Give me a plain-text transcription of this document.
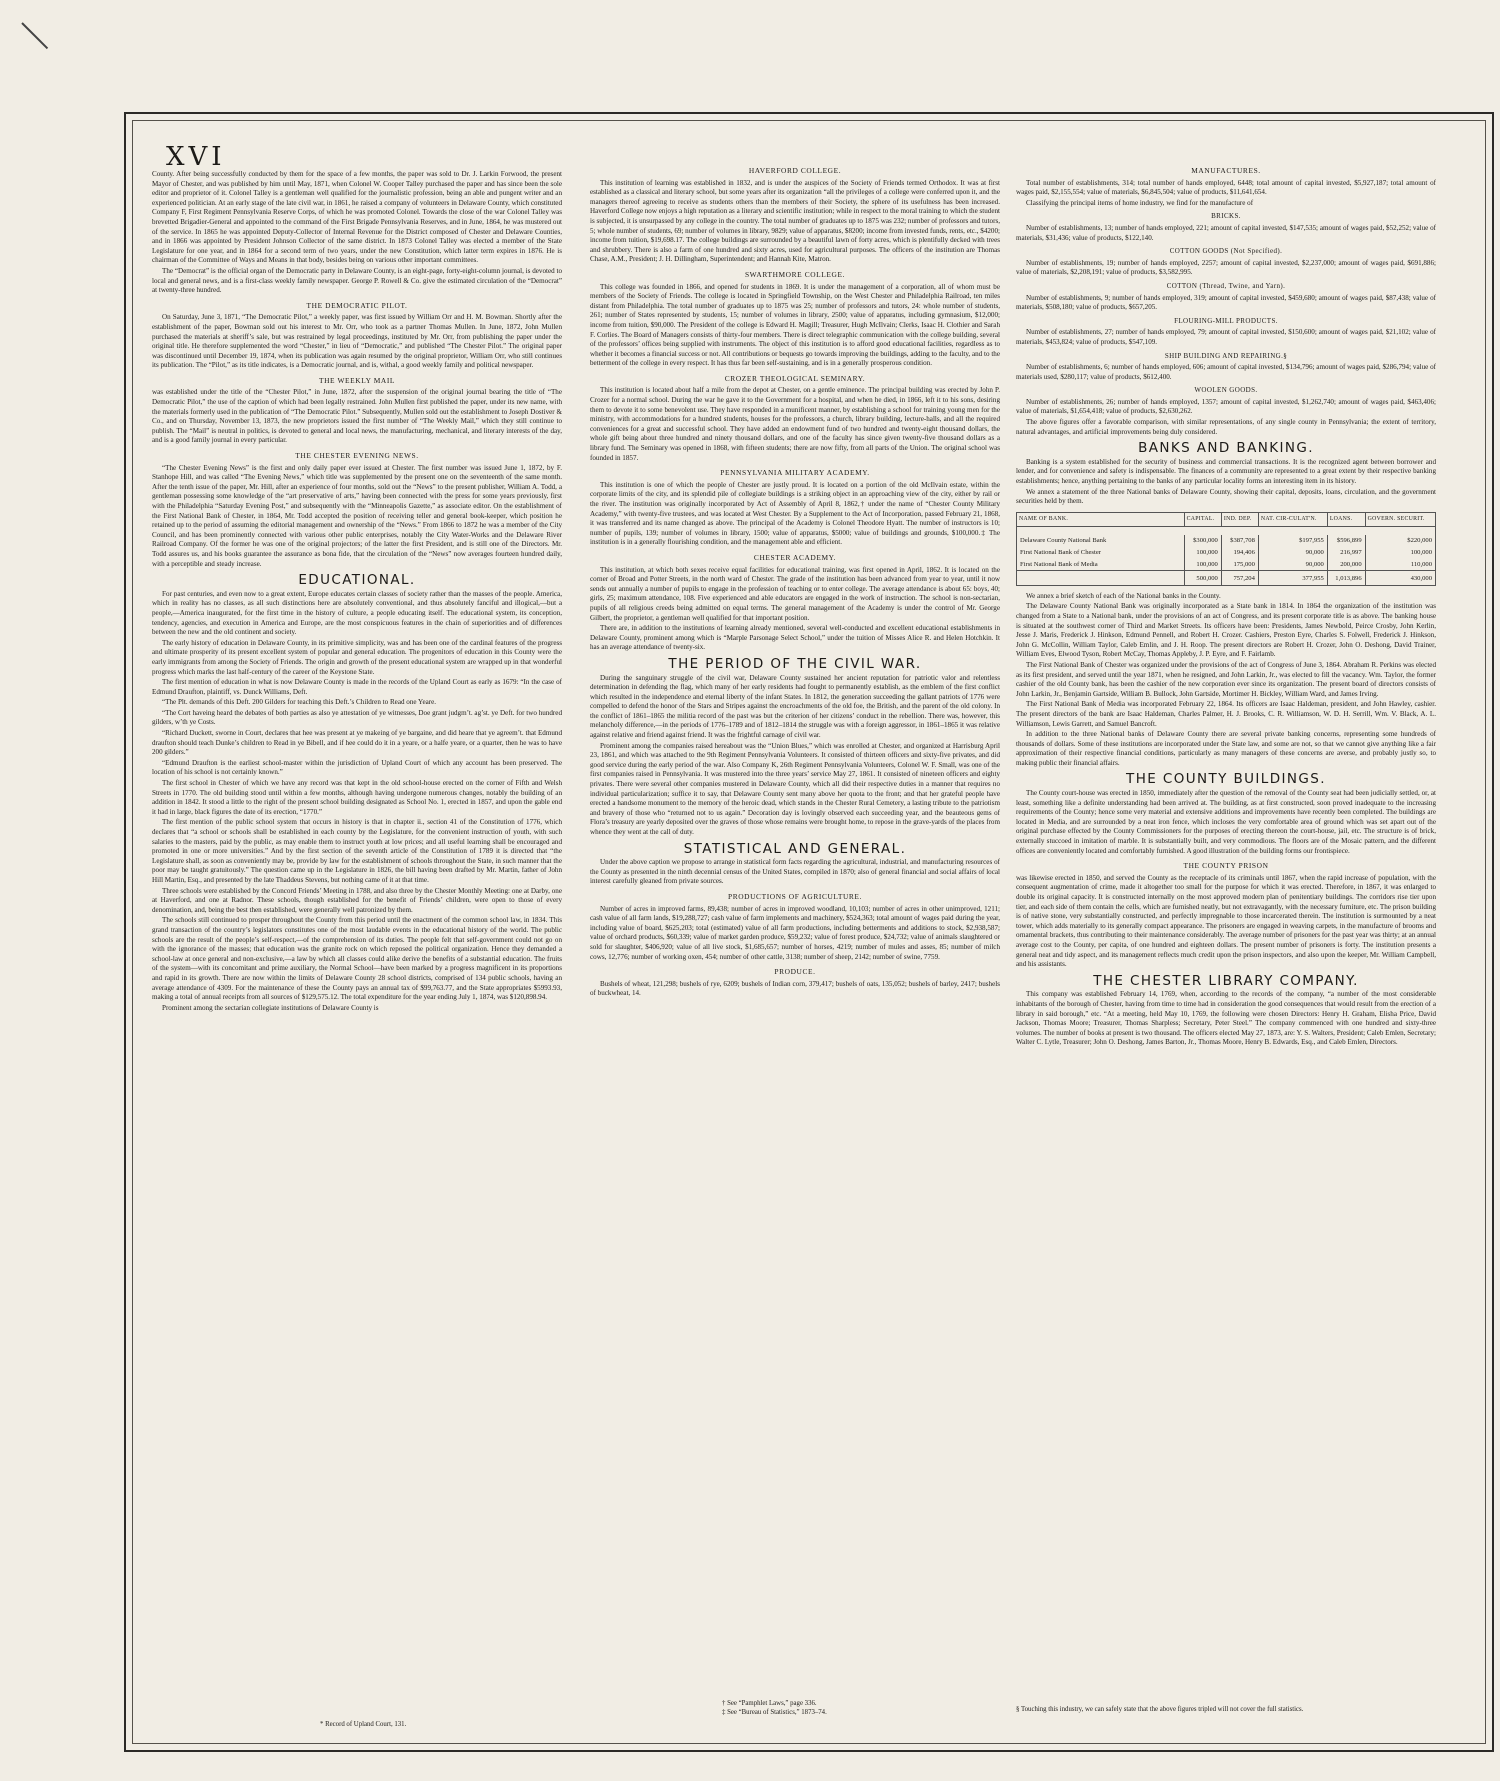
XVI

County. After being successfully conducted by them for the space of a few months, the paper was sold to Dr. J. Larkin Forwood, the present Mayor of Chester, and was published by him until May, 1871, when Colonel W. Cooper Talley purchased the paper and has since been the sole editor and proprietor of it. Colonel Talley is a gentleman well qualified for the journalistic profession, being an able and pungent writer and an experienced politician. At an early stage of the late civil war, in 1861, he raised a company of volunteers in Delaware County, which constituted Company F, First Regiment Pennsylvania Reserve Corps, of which he was promoted Colonel. Towards the close of the war Colonel Talley was brevetted Brigadier-General and appointed to the command of the First Brigade Pennsylvania Reserves, and in June, 1864, he was mustered out of the service. In 1865 he was appointed Deputy-Collector of Internal Revenue for the District composed of Chester and Delaware Counties, and in 1866 was appointed by President Johnson Collector of the same district. In 1873 Colonel Talley was elected a member of the State Legislature for one year, and in 1864 for a second term of two years, under the new Constitution, which latter term expires in 1876. He is chairman of the Committee of Ways and Means in that body, besides being on various other important committees.

The “Democrat” is the official organ of the Democratic party in Delaware County, is an eight-page, forty-eight-column journal, is devoted to local and general news, and is a first-class weekly family newspaper. George P. Rowell & Co. give the estimated circulation of the “Democrat” at twenty-three hundred.

THE DEMOCRATIC PILOT.

On Saturday, June 3, 1871, “The Democratic Pilot,” a weekly paper, was first issued by William Orr and H. M. Bowman. Shortly after the establishment of the paper, Bowman sold out his interest to Mr. Orr, who took as a partner Thomas Mullen. In June, 1872, John Mullen purchased the materials at sheriff’s sale, but was restrained by legal proceedings, instituted by Mr. Orr, from publishing the paper under the original title. He therefore supplemented the word “Chester,” in lieu of “Democratic,” and published “The Chester Pilot.” The original paper was discontinued until December 19, 1874, when its publication was again resumed by the original proprietor, William Orr, who still continues its publication. The “Pilot,” as its title indicates, is a Democratic journal, and is, withal, a good weekly family and political newspaper.

THE WEEKLY MAIL

was established under the title of the “Chester Pilot,” in June, 1872, after the suspension of the original journal bearing the title of “The Democratic Pilot,” the use of the caption of which had been legally restrained. John Mullen first published the paper, under its new name, with the materials formerly used in the publication of “The Democratic Pilot.” Subsequently, Mullen sold out the establishment to Joseph Dostiver & Co., and on Thursday, November 13, 1873, the new proprietors issued the first number of “The Weekly Mail,” which they still continue to publish. The “Mail” is neutral in politics, is devoted to general and local news, the manufacturing, mechanical, and literary interests of the day, and is a good family journal in every particular.

THE CHESTER EVENING NEWS.

“The Chester Evening News” is the first and only daily paper ever issued at Chester. The first number was issued June 1, 1872, by F. Stanhope Hill, and was called “The Evening News,” which title was supplemented by the present one on the seventeenth of the same month. After the tenth issue of the paper, Mr. Hill, after an experience of four months, sold out the “News” to the present publisher, William A. Todd, a gentleman possessing some knowledge of the “art preservative of arts,” having been connected with the press for some years previously, first with the Philadelphia “Saturday Evening Post,” and subsequently with the “Minneapolis Gazette,” as associate editor. On the establishment of the First National Bank of Chester, in 1864, Mr. Todd accepted the position of receiving teller and general book-keeper, which position he retained up to the period of assuming the editorial management and ownership of the “News.” From 1866 to 1872 he was a member of the City Council, and has been prominently connected with various other public enterprises, notably the City Water-Works and the Delaware River Railroad Company. Of the former he was one of the original projectors; of the latter the first President, and is still one of the Directors. Mr. Todd assures us, and his books guarantee the assurance as bona fide, that the circulation of the “News” now averages fourteen hundred daily, with a perceptible and steady increase.

EDUCATIONAL.

For past centuries, and even now to a great extent, Europe educates certain classes of society rather than the masses of the people. America, which in reality has no classes, as all such distinctions here are absolutely conventional, and thus absolutely fanciful and illogical,—but a people,—America inaugurated, for the first time in the history of culture, a people educating itself. The educational system, its conception, tendency, agencies, and execution in America and Europe, are the most conspicuous features in the chain of superiorities and of differences between the new and the old continent and society.

The early history of education in Delaware County, in its primitive simplicity, was and has been one of the cardinal features of the progress and ultimate prosperity of its present excellent system of popular and general education. The progenitors of education in this County were the early immigrants from among the Society of Friends. The origin and growth of the present educational system are wrapped up in that wonderful progress which marks the last half-century of the career of the Keystone State.

The first mention of education in what is now Delaware County is made in the records of the Upland Court as early as 1679: “In the case of Edmund Draufton, plaintiff, vs. Dunck Williams, Deft.

“The Plt. demands of this Deft. 200 Gilders for teaching this Deft.’s Children to Read one Yeare.

“The Cort haveing heard the debates of both parties as also ye attestation of ye witnesses, Doe grant judgm’t. ag’st. ye Deft. for two hundred gilders, w’th ye Costs.

“Richard Duckett, sworne in Court, declares that hee was present at ye makeing of ye bargaine, and did heare that ye agreem’t. that Edmund draufton should teach Dunke’s children to Read in ye Bibell, and if hee could do it in a yeare, or a halfe yeare, or a quarter, then he was to have 200 gilders.”

“Edmund Draufton is the earliest school-master within the jurisdiction of Upland Court of which any account has been preserved. The location of his school is not certainly known.”

The first school in Chester of which we have any record was that kept in the old school-house erected on the corner of Fifth and Welsh Streets in 1770. The old building stood until within a few months, although having undergone numerous changes, notably the building of an addition in 1842. It stood a little to the right of the present school building designated as School No. 1, erected in 1857, and upon the gable end it had in large, black figures the date of its erection, “1770.”

The first mention of the public school system that occurs in history is that in chapter ii., section 41 of the Constitution of 1776, which declares that “a school or schools shall be established in each county by the Legislature, for the convenient instruction of youth, with such salaries to the masters, paid by the public, as may enable them to instruct youth at low prices; and all useful learning shall be encouraged and promoted in one or more universities.” And by the first section of the seventh article of the Constitution of 1789 it is directed that “the Legislature shall, as soon as conveniently may be, provide by law for the establishment of schools throughout the State, in such manner that the poor may be taught gratuitously.” The question came up in the Legislature in 1826, the bill having been drafted by Mr. Martin, father of John Hill Martin, Esq., and presented by the late Thaddeus Stevens, but nothing came of it at that time.

Three schools were established by the Concord Friends’ Meeting in 1788, and also three by the Chester Monthly Meeting: one at Darby, one at Haverford, and one at Radnor. These schools, though established for the benefit of Friends’ children, were open to those of every denomination, and, being the best then established, were generally well patronized by them.

The schools still continued to prosper throughout the County from this period until the enactment of the common school law, in 1834. This grand transaction of the country’s legislators constitutes one of the most laudable events in the educational history of the world. The public schools are the result of the people’s self-respect,—of the comprehension of its duties. The people felt that self-government could not go on with the ignorance of the masses; that education was the granite rock on which reposed the political organization. Hence they demanded a school-law at once general and non-exclusive,—a law by which all classes could alike derive the benefits of a substantial education. The fruits of the system—with its concomitant and prime auxiliary, the Normal School—have been marked by a progress magnificent in its proportions and rapid in its growth. There are now within the limits of Delaware County 28 school districts, comprised of 134 public schools, having an average attendance of 4309. For the maintenance of these the County pays an annual tax of $99,763.77, and the State appropriates $5993.93, making a total of annual receipts from all sources of $129,575.12. The total expenditure for the year ending July 1, 1874, was $120,898.94.

Prominent among the sectarian collegiate institutions of Delaware County is

* Record of Upland Court, 131.
HAVERFORD COLLEGE.

This institution of learning was established in 1832, and is under the auspices of the Society of Friends termed Orthodox. It was at first established as a classical and literary school, but some years after its organization “all the privileges of a college were conferred upon it, and the managers thereof agreeing to receive as students others than the members of their Society, the sphere of its usefulness has been increased. Haverford College now enjoys a high reputation as a literary and scientific institution; while in respect to the moral training to which the student is subjected, it is unsurpassed by any college in the country. The total number of graduates up to 1875 was 232; number of professors and tutors, 5; whole number of students, 69; number of volumes in library, 9829; value of apparatus, $8200; income from invested funds, rents, etc., $4200; income from tuition, $19,698.17. The college buildings are surrounded by a beautiful lawn of forty acres, which is plentifully decked with trees and shrubbery. There is also a farm of one hundred and sixty acres, used for agricultural purposes. The officers of the institution are Thomas Chase, A.M., President; J. H. Dillingham, Superintendent; and Hannah Kite, Matron.

SWARTHMORE COLLEGE.

This college was founded in 1866, and opened for students in 1869. It is under the management of a corporation, all of whom must be members of the Society of Friends. The college is located in Springfield Township, on the West Chester and Philadelphia Railroad, ten miles distant from Philadelphia. The total number of graduates up to 1875 was 25; number of professors and tutors, 24: whole number of students, 261; number of States represented by students, 15; number of volumes in library, 2500; value of apparatus, including gymnasium, $12,000; income from tuition, $90,000. The President of the college is Edward H. Magill; Treasurer, Hugh McIlvain; Clerks, Isaac H. Clothier and Sarah F. Corlies. The Board of Managers consists of thirty-four members. There is direct telegraphic communication with the college building, several of the professors’ offices being supplied with instruments. The object of this institution is to afford good educational facilities, regardless as to whether it becomes a financial success or not. All contributions or bequests go towards improving the buildings, adding to the faculty, and to the betterment of the college in every respect. It has thus far been self-sustaining, and is in a generally prosperous condition.

CROZER THEOLOGICAL SEMINARY.

This institution is located about half a mile from the depot at Chester, on a gentle eminence. The principal building was erected by John P. Crozer for a normal school. During the war he gave it to the Government for a hospital, and when he died, in 1866, left it to his sons, desiring them to devote it to some benevolent use. They have responded in a munificent manner, by establishing a school for training young men for the ministry, with accommodations for a hundred students, houses for the professors, a church, library building, lecture-halls, and all the required conveniences for a great and successful school. They have added an endowment fund of two hundred and twenty-eight thousand dollars, the whole gift being about three hundred and ninety thousand dollars, and one of the faculty has since given twenty-five thousand dollars as a library fund. The Seminary was opened in 1868, with fifteen students; there are now fifty, from all parts of the Union. The original school was founded in 1857.

PENNSYLVANIA MILITARY ACADEMY.

This institution is one of which the people of Chester are justly proud. It is located on a portion of the old McIlvain estate, within the corporate limits of the city, and its splendid pile of collegiate buildings is a striking object in an approaching view of the city, either by rail or the river. The institution was originally incorporated by Act of Assembly of April 8, 1862,† under the name of “Chester County Military Academy,” with twenty-five trustees, and was located at West Chester. By a Supplement to the Act of Incorporation, passed February 21, 1868, it was transferred and its name changed as above. The principal of the Academy is Colonel Theodore Hyatt. The number of instructors is 10; number of pupils, 139; number of volumes in library, 1500; value of apparatus, $5000; value of buildings and grounds, $100,000.‡ The institution is in a generally flourishing condition, and the management able and efficient.

CHESTER ACADEMY.

This institution, at which both sexes receive equal facilities for educational training, was first opened in April, 1862. It is located on the corner of Broad and Potter Streets, in the north ward of Chester. The grade of the institution has been advanced from year to year, until it now sends out annually a number of pupils to engage in the profession of teaching or to enter college. The average attendance is about 65: boys, 40; girls, 25; maximum attendance, 108. Five experienced and able educators are engaged in the work of instruction. The school is non-sectarian, pupils of all religious creeds being admitted on equal terms. The general management of the Academy is under the control of Mr. George Gilbert, the proprietor, a gentleman well qualified for that important position.

There are, in addition to the institutions of learning already mentioned, several well-conducted and excellent educational establishments in Delaware County, prominent among which is “Marple Parsonage Select School,” under the tuition of Misses Alice R. and Helen Hotchkin. It has an average attendance of twenty-six.

THE PERIOD OF THE CIVIL WAR.

During the sanguinary struggle of the civil war, Delaware County sustained her ancient reputation for patriotic valor and relentless determination in defending the flag, which many of her early residents had fought to permanently establish, as the emblem of the first conflict which resulted in the independence and eternal liberty of the infant States. In 1812, the generation succeeding the gallant patriots of 1776 were compelled to defend the honor of the Stars and Stripes against the encroachments of the old foe, the British, and the parent of the old colony. In the conflict of 1861–1865 the militia record of the past was but the criterion of her citizens’ conduct in the rebellion. There was, however, this melancholy difference,—in the periods of 1776–1789 and of 1812–1814 the struggle was with a foreign aggressor, in 1861–1865 it was relative against relative and friend against friend. It was the frightful carnage of civil war.

Prominent among the companies raised hereabout was the “Union Blues,” which was enrolled at Chester, and organized at Harrisburg April 23, 1861, and which was attached to the 9th Regiment Pennsylvania Volunteers. It consisted of thirteen officers and sixty-five privates, and did good service during the early period of the war. Also Company K, 26th Regiment Pennsylvania Volunteers, Colonel W. F. Small, was one of the first companies raised in Pennsylvania. It was mustered into the three years’ service May 27, 1861. It consisted of nineteen officers and eighty privates. There were several other companies mustered in Delaware County, which all did their respective duties in a manner that requires no individual particularization; suffice it to say, that Delaware County sent many above her quota to the front; and that her grateful people have erected a handsome monument to the memory of the heroic dead, which stands in the Chester Rural Cemetery, a lasting tribute to the patriotism and bravery of those who “returned not to us again.” Decoration day is lovingly observed each succeeding year, and the beauteous gems of Flora’s treasury are yearly deposited over the graves of those whose remains were brought home, to repose in the grave-yards of the places from whence they went at the call of duty.

STATISTICAL AND GENERAL.

Under the above caption we propose to arrange in statistical form facts regarding the agricultural, industrial, and manufacturing resources of the County as presented in the ninth decennial census of the United States, compiled in 1870; also of general financial and social affairs of local interest carefully gleaned from private sources.

PRODUCTIONS OF AGRICULTURE.

Number of acres in improved farms, 89,438; number of acres in improved woodland, 10,103; number of acres in other unimproved, 1211; cash value of all farm lands, $19,288,727; cash value of farm implements and machinery, $524,363; total amount of wages paid during the year, including value of board, $625,203; total (estimated) value of all farm productions, including betterments and additions to stock, $2,938,587; value of orchard products, $60,339; value of market garden produce, $59,232; value of forest produce, $24,732; value of animals slaughtered or sold for slaughter, $406,920; value of all live stock, $1,685,657; number of horses, 4219; number of mules and asses, 85; number of milch cows, 12,776; number of working oxen, 454; number of other cattle, 3138; number of sheep, 2142; number of swine, 7759.

PRODUCE.

Bushels of wheat, 121,298; bushels of rye, 6209; bushels of Indian corn, 379,417; bushels of oats, 135,052; bushels of barley, 2417; bushels of buckwheat, 14.

† See “Pamphlet Laws,” page 336.
‡ See “Bureau of Statistics,” 1873–74.
MANUFACTURES.

Total number of establishments, 314; total number of hands employed, 6448; total amount of capital invested, $5,927,187; total amount of wages paid, $2,155,554; value of materials, $6,845,504; value of products, $11,641,654.

Classifying the principal items of home industry, we find for the manufacture of

BRICKS.

Number of establishments, 13; number of hands employed, 221; amount of capital invested, $147,535; amount of wages paid, $52,252; value of materials, $31,436; value of products, $122,140.

COTTON GOODS (Not Specified).

Number of establishments, 19; number of hands employed, 2257; amount of capital invested, $2,237,000; amount of wages paid, $691,886; value of materials, $2,208,191; value of products, $3,582,995.

COTTON (Thread, Twine, and Yarn).

Number of establishments, 9; number of hands employed, 319; amount of capital invested, $459,680; amount of wages paid, $87,438; value of materials, $508,180; value of products, $657,205.

FLOURING-MILL PRODUCTS.

Number of establishments, 27; number of hands employed, 79; amount of capital invested, $150,600; amount of wages paid, $21,102; value of materials, $453,824; value of products, $547,109.

SHIP BUILDING AND REPAIRING.§

Number of establishments, 6; number of hands employed, 606; amount of capital invested, $134,796; amount of wages paid, $286,794; value of materials used, $280,117; value of products, $612,400.

WOOLEN GOODS.

Number of establishments, 26; number of hands employed, 1357; amount of capital invested, $1,262,740; amount of wages paid, $463,406; value of materials, $1,654,418; value of products, $2,630,262.

The above figures offer a favorable comparison, with similar representations, of any single county in Pennsylvania; the extent of territory, natural advantages, and artificial improvements being duly considered.

BANKS AND BANKING.

Banking is a system established for the security of business and commercial transactions. It is the recognized agent between borrower and lender, and for convenience and safety is indispensable. The finances of a community are represented to a great extent by their respective banking establishments; hence, anything pertaining to the banks of any particular locality forms an interesting item in its history.

We annex a statement of the three National banks of Delaware County, showing their capital, deposits, loans, circulation, and the government securities held by them.

NAME OF BANK.	CAPITAL.	IND. DEP.	NAT. CIR-CULAT'N.	LOANS.	GOVERN. SECURIT.

Delaware County National Bank	$300,000	$387,708	$197,955	$596,899	$220,000
First National Bank of Chester	100,000	194,406	90,000	216,997	100,000
First National Bank of Media	100,000	175,000	90,000	200,000	110,000
	500,000	757,204	377,955	1,013,896	430,000

We annex a brief sketch of each of the National banks in the County.

The Delaware County National Bank was originally incorporated as a State bank in 1814. In 1864 the organization of the institution was changed from a State to a National bank, under the provisions of an act of Congress, and its present corporate title is as above. The banking house is situated at the southwest corner of Third and Market Streets. Its officers have been: Presidents, James Newbold, Peirce Crosby, John Kerlin, Jesse J. Maris, Frederick J. Hinkson, Edmund Pennell, and Robert H. Crozer. Cashiers, Preston Eyre, Charles S. Folwell, Frederick J. Hinkson, John G. McCollin, William Taylor, Caleb Emlin, and J. H. Roop. The present directors are Robert H. Crozer, John O. Deshong, David Trainer, William Eves, Elwood Tyson, Robert McCay, Thomas Appleby, J. P. Eyre, and F. Fairlamb.

The First National Bank of Chester was organized under the provisions of the act of Congress of June 3, 1864. Abraham R. Perkins was elected as its first president, and served until the year 1871, when he resigned, and John Larkin, Jr., was elected to fill the vacancy. Wm. Taylor, the former cashier of the old County bank, has been the cashier of the new corporation ever since its organization. The present board of directors consists of John Larkin, Jr., Benjamin Gartside, William B. Bullock, John Gartside, Mortimer H. Bickley, William Ward, and James Irving.

The First National Bank of Media was incorporated February 22, 1864. Its officers are Isaac Haldeman, president, and John Hawley, cashier. The present directors of the bank are Isaac Haldeman, Charles Palmer, H. J. Brooks, C. R. Williamson, W. D. H. Serrill, Wm. V. Black, A. L. Williamson, Lewis Garrett, and Samuel Bancroft.

In addition to the three National banks of Delaware County there are several private banking concerns, representing some hundreds of thousands of dollars. Some of these institutions are incorporated under the State law, and some are not, so that we cannot give anything like a fair approximation of their respective financial conditions, particularly as many managers of these concerns are averse, and probably justly so, to making public their financial affairs.

THE COUNTY BUILDINGS.

The County court-house was erected in 1850, immediately after the question of the removal of the County seat had been judicially settled, or, at least, something like a definite understanding had been arrived at. The building, as at first constructed, soon proved inadequate to the increasing requirements of the County; hence some very material and extensive additions and improvements have recently been completed. The buildings are located in Media, and are surrounded by a neat iron fence, which incloses the very comfortable area of ground which was set apart out of the original purchase effected by the County Commissioners for the purposes of erecting thereon the court-house, jail, etc. The structure is of brick, externally stuccoed in imitation of marble. It is substantially built, and very commodious. The floors are of the Mosaic pattern, and the different offices are conveniently located and comfortably furnished. A good illustration of the building forms our frontispiece.

THE COUNTY PRISON

was likewise erected in 1850, and served the County as the receptacle of its criminals until 1867, when the rapid increase of population, with the consequent augmentation of crime, made it altogether too small for the purpose for which it was erected. Therefore, in 1867, it was enlarged to double its original capacity. It is constructed internally on the most approved modern plan of penitentiary buildings. The corridors rise tier upon tier, and each side of them contain the cells, which are furnished neatly, but not extravagantly, with the necessary furniture, etc. The prison building is of native stone, very substantially constructed, and perfectly impregnable to those incarcerated therein. The institution is surmounted by a neat tower, which adds materially to its generally compact appearance. The prisoners are engaged in weaving carpets, in the manufacture of brooms and ornamental brackets, thus contributing to their maintenance considerably. The average number of prisoners for the past year was thirty; at an annual average cost to the County, per capita, of one hundred and eighteen dollars. The present number of prisoners is forty. The institution presents a general neat and tidy aspect, and its management reflects much credit upon the prison inspectors, and also upon the keeper, Mr. William Campbell, and his assistants.

THE CHESTER LIBRARY COMPANY.

This company was established February 14, 1769, when, according to the records of the company, “a number of the most considerable inhabitants of the borough of Chester, having from time to time had in consideration the good consequences that would result from the erection of a library in said borough,” etc. “At a meeting, held May 10, 1769, the following were chosen Directors: Henry H. Graham, Elisha Price, David Jackson, Thomas Moore; Treasurer, Thomas Sharpless; Secretary, Peter Steel.” The company commenced with one hundred and sixty-three volumes. The number of books at present is two thousand. The officers elected May 27, 1873, are: Y. S. Walters, President; Caleb Emlen, Secretary; Walter C. Lytle, Treasurer; John O. Deshong, James Barton, Jr., Thomas Moore, Henry B. Edwards, Esq., and Caleb Emlen, Directors.

§ Touching this industry, we can safely state that the above figures tripled will not cover the full statistics.
